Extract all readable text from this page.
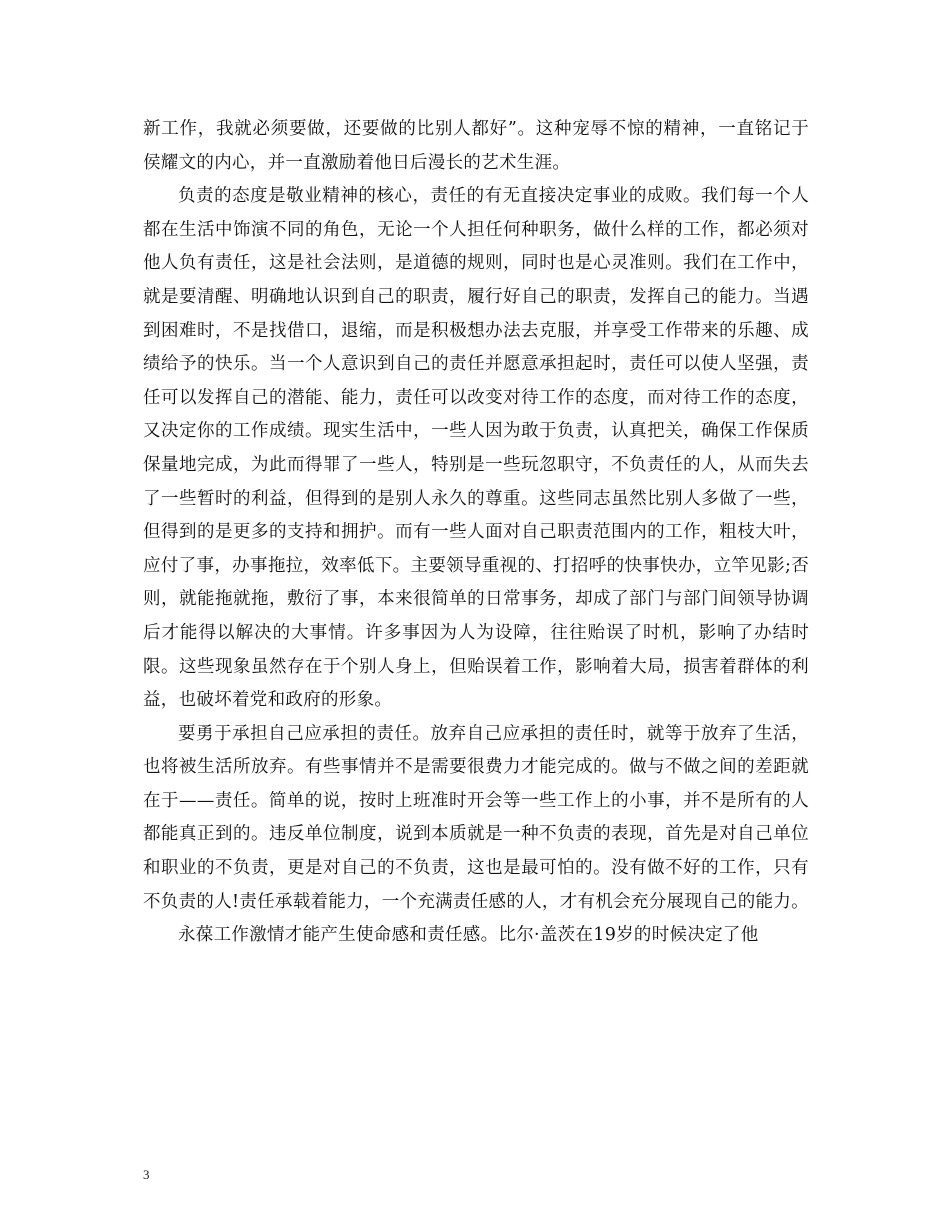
新工作，我就必须要做，还要做的比别人都好”。这种宠辱不惊的精神，一直铭记于侯耀文的内心，并一直激励着他日后漫长的艺术生涯。

负责的态度是敬业精神的核心，责任的有无直接决定事业的成败。我们每一个人都在生活中饰演不同的角色，无论一个人担任何种职务，做什么样的工作，都必须对他人负有责任，这是社会法则，是道德的规则，同时也是心灵准则。我们在工作中，就是要清醒、明确地认识到自己的职责，履行好自己的职责，发挥自己的能力。当遇到困难时，不是找借口，退缩，而是积极想办法去克服，并享受工作带来的乐趣、成绩给予的快乐。当一个人意识到自己的责任并愿意承担起时，责任可以使人坚强，责任可以发挥自己的潜能、能力，责任可以改变对待工作的态度，而对待工作的态度，又决定你的工作成绩。现实生活中，一些人因为敢于负责，认真把关，确保工作保质保量地完成，为此而得罪了一些人，特别是一些玩忽职守，不负责任的人，从而失去了一些暂时的利益，但得到的是别人永久的尊重。这些同志虽然比别人多做了一些，但得到的是更多的支持和拥护。而有一些人面对自己职责范围内的工作，粗枝大叶，应付了事，办事拖拉，效率低下。主要领导重视的、打招呼的快事快办，立竿见影;否则，就能拖就拖，敷衍了事，本来很简单的日常事务，却成了部门与部门间领导协调后才能得以解决的大事情。许多事因为人为设障，往往贻误了时机，影响了办结时限。这些现象虽然存在于个别人身上，但贻误着工作，影响着大局，损害着群体的利益，也破坏着党和政府的形象。

要勇于承担自己应承担的责任。放弃自己应承担的责任时，就等于放弃了生活，也将被生活所放弃。有些事情并不是需要很费力才能完成的。做与不做之间的差距就在于——责任。简单的说，按时上班准时开会等一些工作上的小事，并不是所有的人都能真正到的。违反单位制度，说到本质就是一种不负责的表现，首先是对自己单位和职业的不负责，更是对自己的不负责，这也是最可怕的。没有做不好的工作，只有不负责的人!责任承载着能力，一个充满责任感的人，才有机会充分展现自己的能力。

永葆工作激情才能产生使命感和责任感。比尔·盖茨在19岁的时候决定了他

3
